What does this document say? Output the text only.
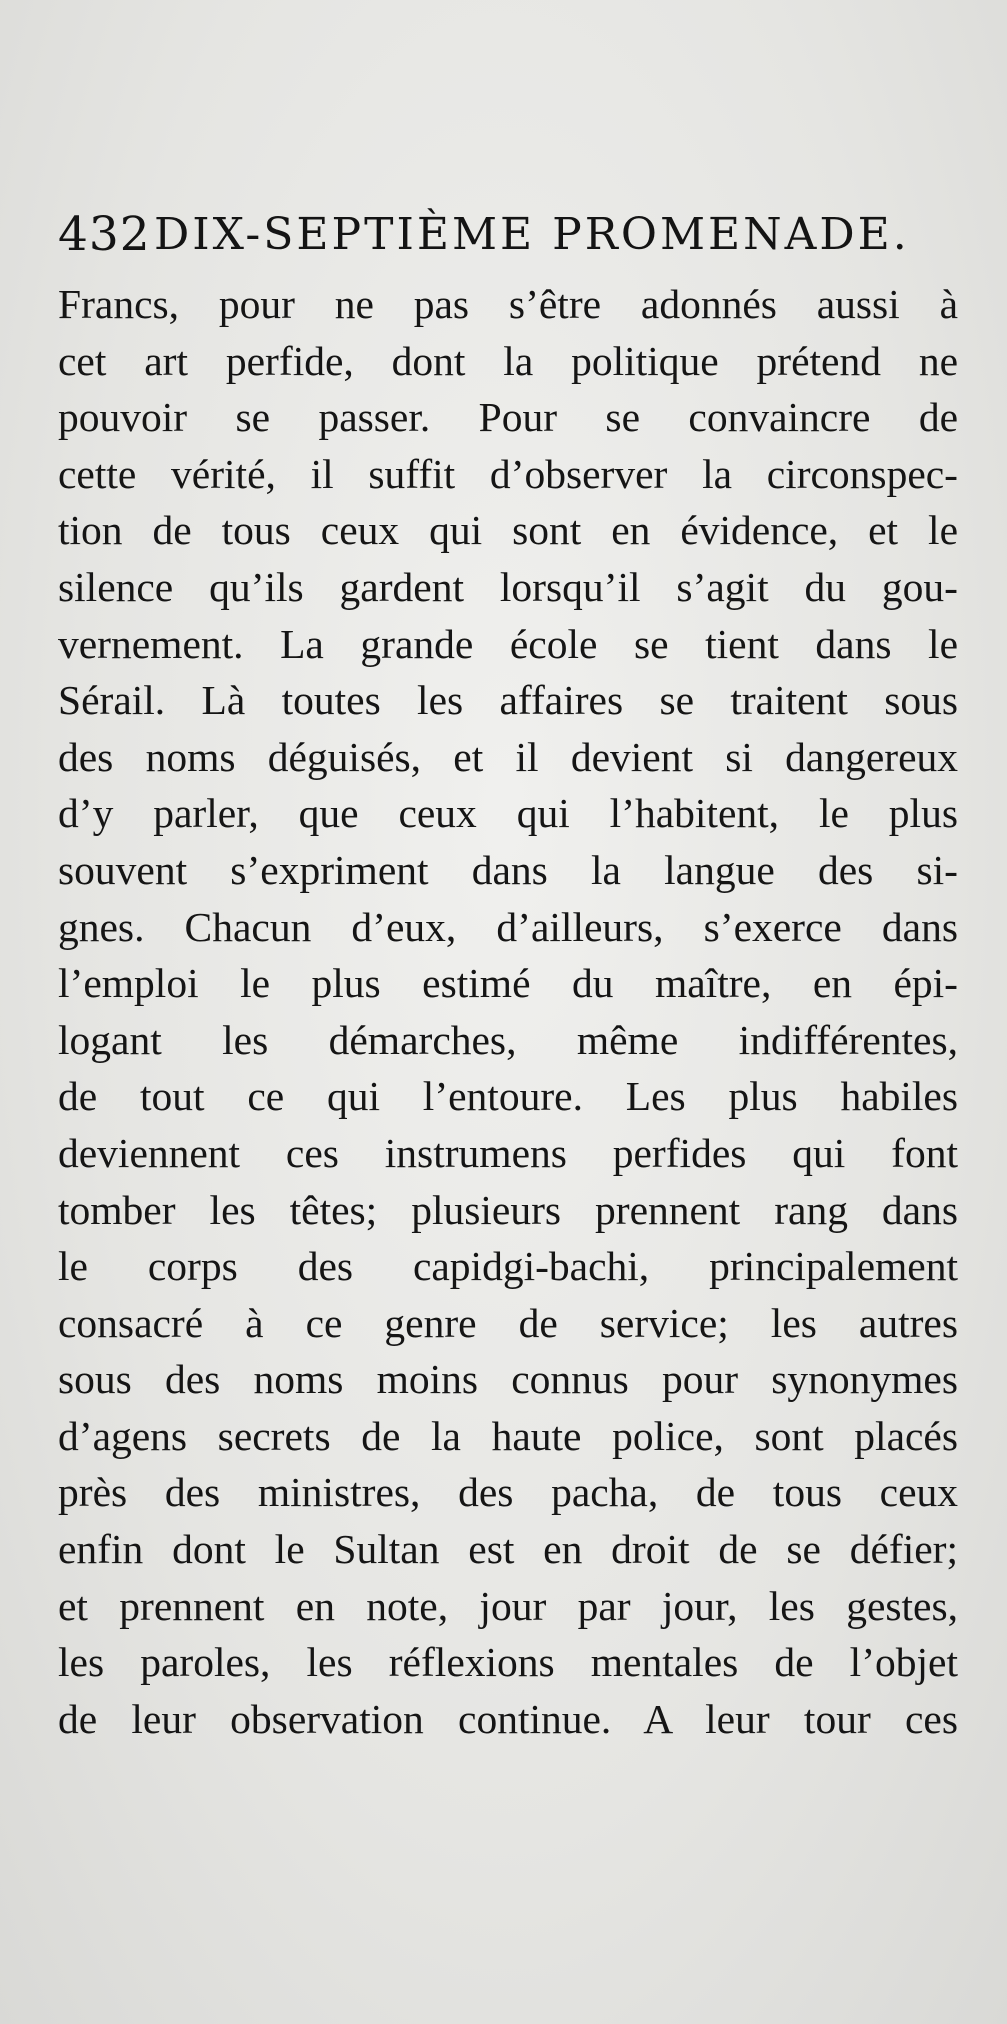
432 DIX-SEPTIÈME PROMENADE.
Francs, pour ne pas s’être adonnés aussi à
cet art perfide, dont la politique prétend ne
pouvoir se passer. Pour se convaincre de
cette vérité, il suffit d’observer la circonspec-
tion de tous ceux qui sont en évidence, et le
silence qu’ils gardent lorsqu’il s’agit du gou-
vernement. La grande école se tient dans le
Sérail. Là toutes les affaires se traitent sous
des noms déguisés, et il devient si dangereux
d’y parler, que ceux qui l’habitent, le plus
souvent s’expriment dans la langue des si-
gnes. Chacun d’eux, d’ailleurs, s’exerce dans
l’emploi le plus estimé du maître, en épi-
logant les démarches, même indifférentes,
de tout ce qui l’entoure. Les plus habiles
deviennent ces instrumens perfides qui font
tomber les têtes; plusieurs prennent rang dans
le corps des capidgi-bachi, principalement
consacré à ce genre de service; les autres
sous des noms moins connus pour synonymes
d’agens secrets de la haute police, sont placés
près des ministres, des pacha, de tous ceux
enfin dont le Sultan est en droit de se défier;
et prennent en note, jour par jour, les gestes,
les paroles, les réflexions mentales de l’objet
de leur observation continue. A leur tour ces
